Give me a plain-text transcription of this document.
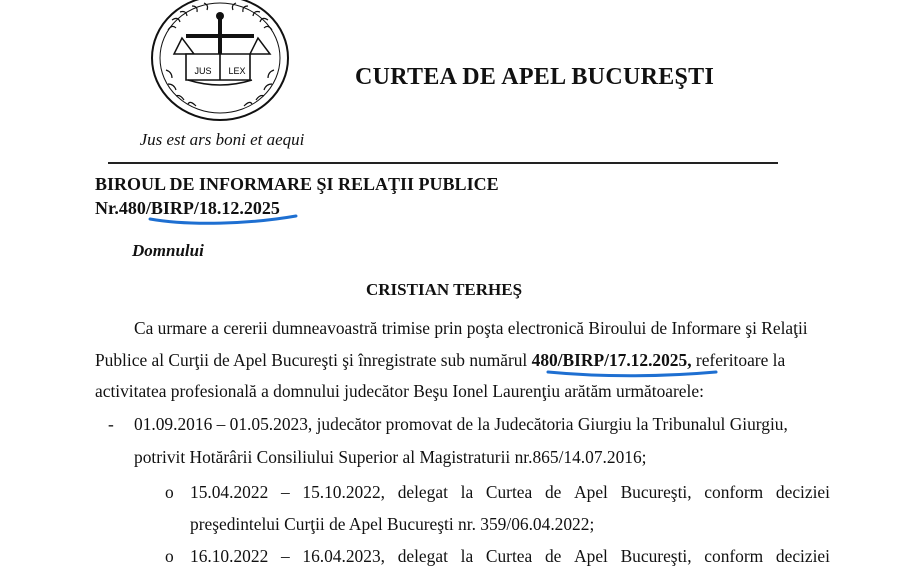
JUS LEX
Jus est ars boni et aequi
CURTEA DE APEL BUCUREŞTI
BIROUL DE INFORMARE ŞI RELAŢII PUBLICE
Nr.480/BIRP/18.12.2025
Domnului
CRISTIAN TERHEŞ
Ca urmare a cererii dumneavoastră trimise prin poşta electronică Biroului de Informare şi Relaţii
Publice al Curţii de Apel Bucureşti şi înregistrate sub numărul 480/BIRP/17.12.2025, referitoare la
activitatea profesională a domnului judecător Beşu Ionel Laurenţiu arătăm următoarele:
- 01.09.2016 – 01.05.2023, judecător promovat de la Judecătoria Giurgiu la Tribunalul Giurgiu,
potrivit Hotărârii Consiliului Superior al Magistraturii nr.865/14.07.2016;
o 15.04.2022 – 15.10.2022, delegat la Curtea de Apel Bucureşti, conform deciziei
preşedintelui Curţii de Apel Bucureşti nr. 359/06.04.2022;
o 16.10.2022 – 16.04.2023, delegat la Curtea de Apel Bucureşti, conform deciziei
